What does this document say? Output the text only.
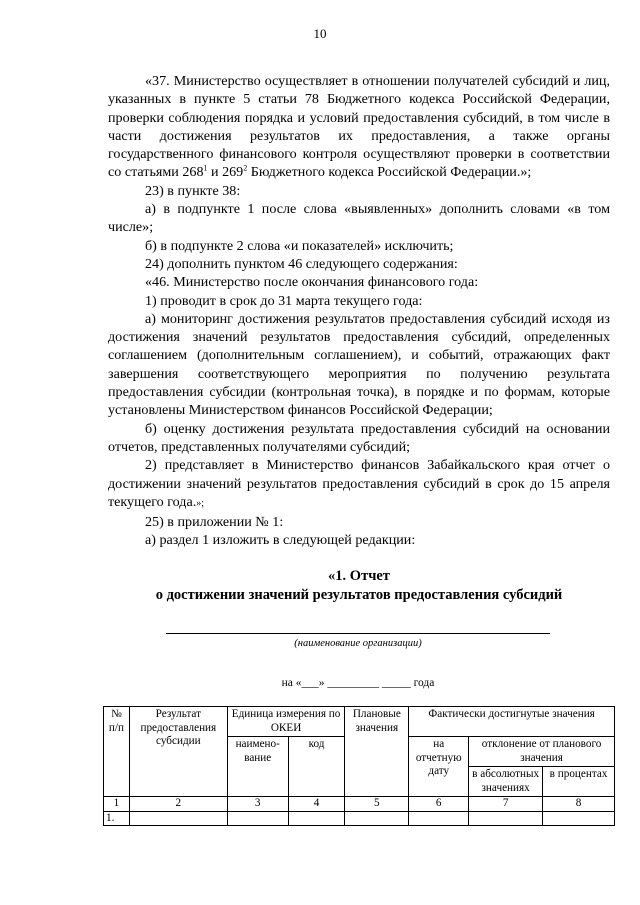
10

«37. Министерство осуществляет в отношении получателей субсидий и лиц, указанных в пункте 5 статьи 78 Бюджетного кодекса Российской Федерации, проверки соблюдения порядка и условий предоставления субсидий, в том числе в части достижения результатов их предоставления, а также органы государственного финансового контроля осуществляют проверки в соответствии со статьями $268^1$ и $269^2$ Бюджетного кодекса Российской Федерации.»;

23) в пункте 38:

а) в подпункте 1 после слова «выявленных» дополнить словами «в том числе»;

б) в подпункте 2 слова «и показателей» исключить;

24) дополнить пунктом 46 следующего содержания:

«46. Министерство после окончания финансового года:

1) проводит в срок до 31 марта текущего года:

а) мониторинг достижения результатов предоставления субсидий исходя из достижения значений результатов предоставления субсидий, определенных соглашением (дополнительным соглашением), и событий, отражающих факт завершения соответствующего мероприятия по получению результата предоставления субсидии (контрольная точка), в порядке и по формам, которые установлены Министерством финансов Российской Федерации;

б) оценку достижения результата предоставления субсидий на основании отчетов, представленных получателями субсидий;

2) представляет в Министерство финансов Забайкальского края отчет о достижении значений результатов предоставления субсидий в срок до 15 апреля текущего года.»;

25) в приложении № 1:

а) раздел 1 изложить в следующей редакции:

«1. Отчет
о достижении значений результатов предоставления субсидий
(наименование организации)
на «___» _________ _____ года
№ п/п	Результат предоставления субсидии	Единица измерения по ОКЕИ		Плановые значения	Фактически достигнутые значения		
		наимено-вание	код		на отчетную дату	отклонение от планового значения	
						в абсолютных значениях	в процентах
1	2	3	4	5	6	7	8
1.							
